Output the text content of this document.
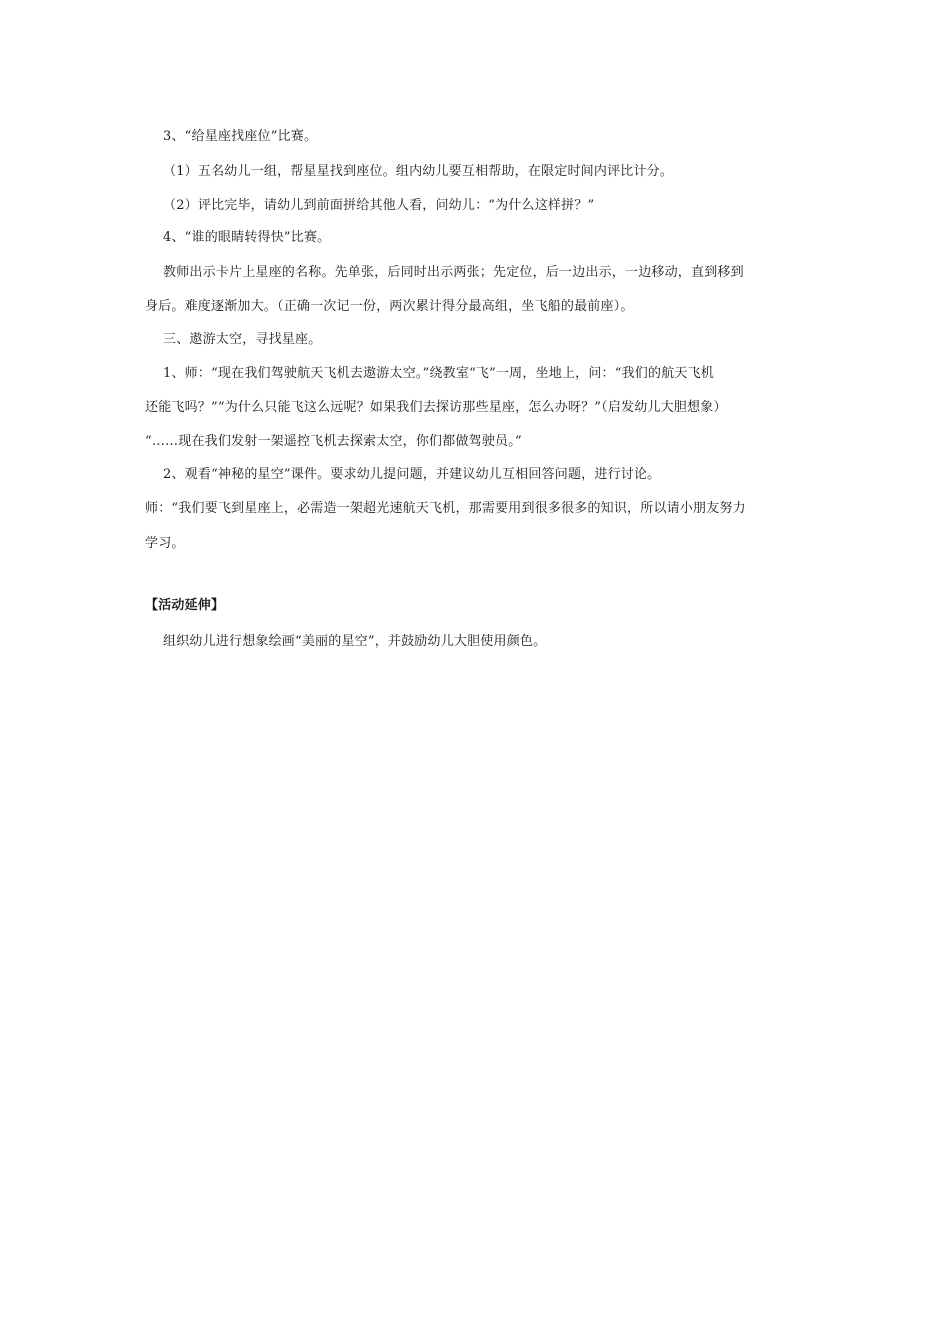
3、“给星座找座位”比赛。
（1）五名幼儿一组，帮星星找到座位。组内幼儿要互相帮助，在限定时间内评比计分。
（2）评比完毕，请幼儿到前面拼给其他人看，问幼儿：“为什么这样拼？”
4、“谁的眼睛转得快”比赛。
教师出示卡片上星座的名称。先单张，后同时出示两张；先定位，后一边出示，一边移动，直到移到
身后。难度逐渐加大。（正确一次记一份，两次累计得分最高组，坐飞船的最前座）。
三、遨游太空，寻找星座。
1、师：“现在我们驾驶航天飞机去遨游太空。”绕教室“飞”一周，坐地上，问：“我们的航天飞机
还能飞吗？”“为什么只能飞这么远呢？如果我们去探访那些星座，怎么办呀？”（启发幼儿大胆想象）
“……现在我们发射一架遥控飞机去探索太空，你们都做驾驶员。”
2、观看“神秘的星空”课件。要求幼儿提问题，并建议幼儿互相回答问题，进行讨论。
师：“我们要飞到星座上，必需造一架超光速航天飞机，那需要用到很多很多的知识，所以请小朋友努力
学习。
【活动延伸】
组织幼儿进行想象绘画“美丽的星空”，并鼓励幼儿大胆使用颜色。
